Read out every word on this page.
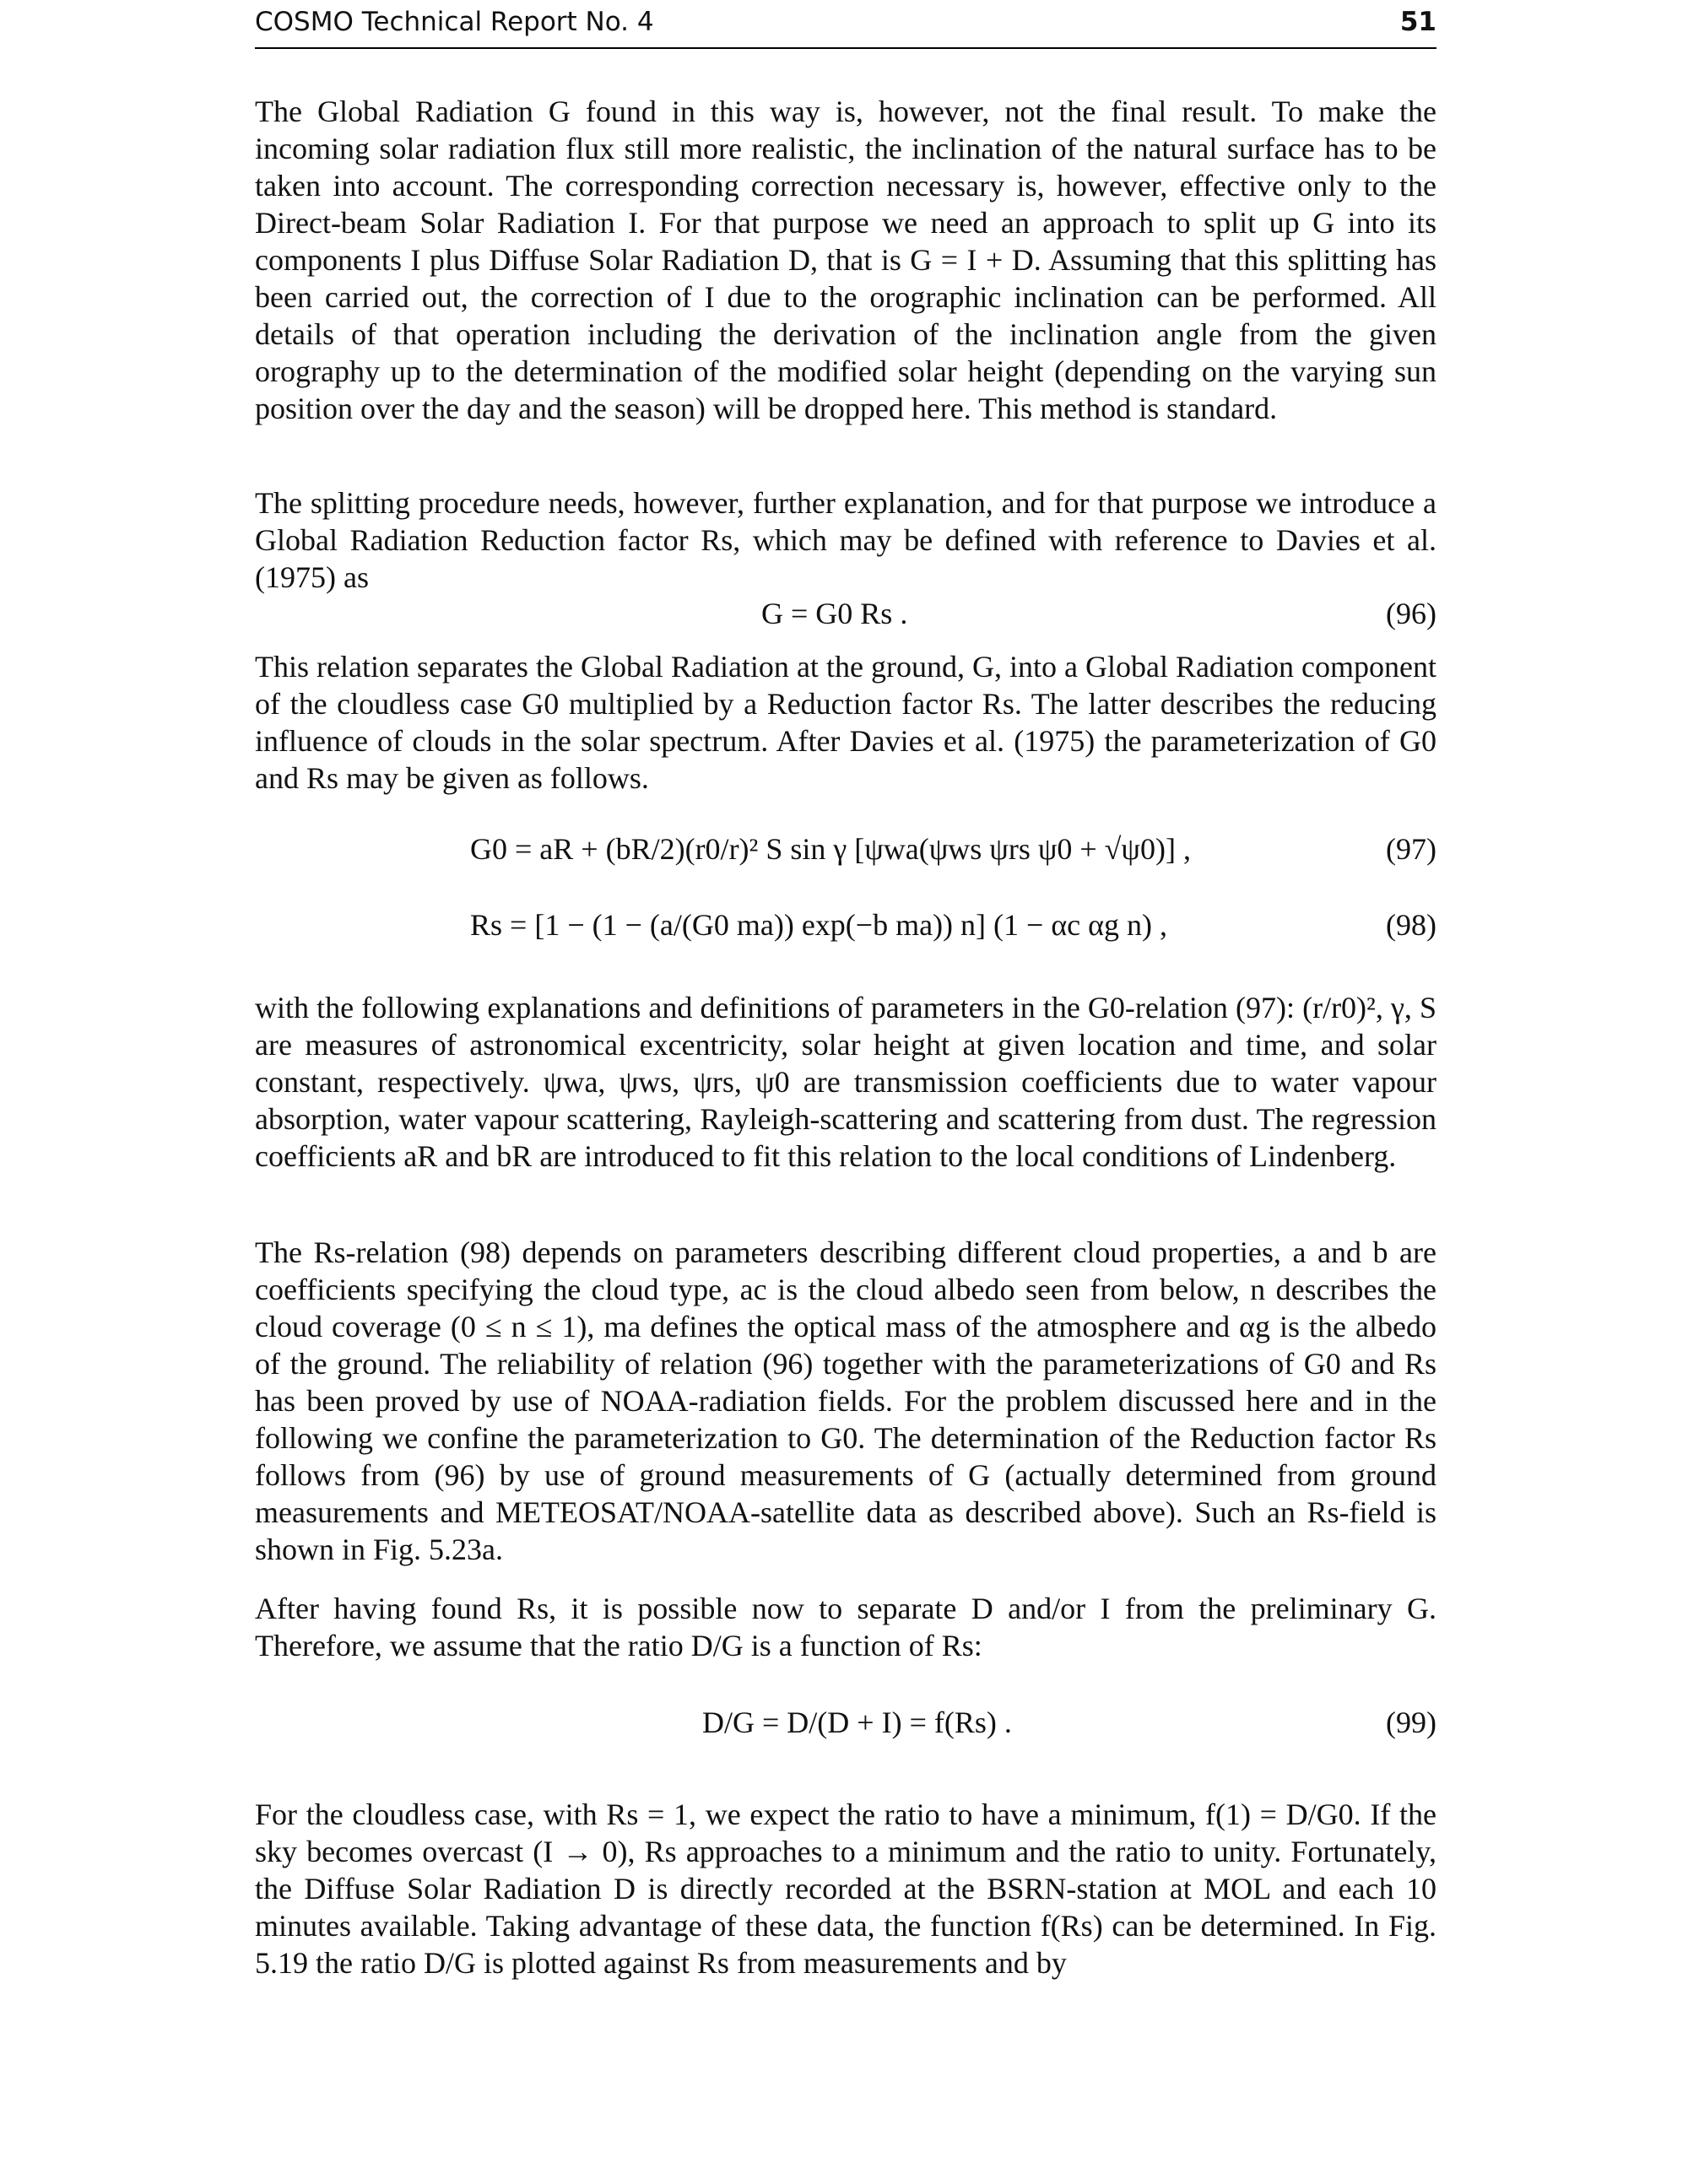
COSMO Technical Report No. 4	51

The Global Radiation G found in this way is, however, not the final result. To make the incoming solar radiation flux still more realistic, the inclination of the natural surface has to be taken into account. The corresponding correction necessary is, however, effective only to the Direct-beam Solar Radiation I. For that purpose we need an approach to split up G into its components I plus Diffuse Solar Radiation D, that is G = I + D. Assuming that this splitting has been carried out, the correction of I due to the orographic inclination can be performed. All details of that operation including the derivation of the inclination angle from the given orography up to the determination of the modified solar height (depending on the varying sun position over the day and the season) will be dropped here. This method is standard.

The splitting procedure needs, however, further explanation, and for that purpose we introduce a Global Radiation Reduction factor Rs, which may be defined with reference to Davies et al. (1975) as

G = G0 Rs .	(96)

This relation separates the Global Radiation at the ground, G, into a Global Radiation component of the cloudless case G0 multiplied by a Reduction factor Rs. The latter describes the reducing influence of clouds in the solar spectrum. After Davies et al. (1975) the parameterization of G0 and Rs may be given as follows.

G0 = aR + (bR/2)(r0/r)² S sin γ [ψwa(ψws ψrs ψ0 + √ψ0)] ,	(97)
Rs = [1 − (1 − (a/(G0 ma)) exp(−b ma)) n] (1 − αc αg n) ,	(98)

with the following explanations and definitions of parameters in the G0-relation (97): (r/r0)², γ, S are measures of astronomical excentricity, solar height at given location and time, and solar constant, respectively. ψwa, ψws, ψrs, ψ0 are transmission coefficients due to water vapour absorption, water vapour scattering, Rayleigh-scattering and scattering from dust. The regression coefficients aR and bR are introduced to fit this relation to the local conditions of Lindenberg.

The Rs-relation (98) depends on parameters describing different cloud properties, a and b are coefficients specifying the cloud type, ac is the cloud albedo seen from below, n describes the cloud coverage (0 ≤ n ≤ 1), ma defines the optical mass of the atmosphere and αg is the albedo of the ground. The reliability of relation (96) together with the parameterizations of G0 and Rs has been proved by use of NOAA-radiation fields. For the problem discussed here and in the following we confine the parameterization to G0. The determination of the Reduction factor Rs follows from (96) by use of ground measurements of G (actually determined from ground measurements and METEOSAT/NOAA-satellite data as described above). Such an Rs-field is shown in Fig. 5.23a.

After having found Rs, it is possible now to separate D and/or I from the preliminary G. Therefore, we assume that the ratio D/G is a function of Rs:

D/G = D/(D + I) = f(Rs) .	(99)

For the cloudless case, with Rs = 1, we expect the ratio to have a minimum, f(1) = D/G0. If the sky becomes overcast (I → 0), Rs approaches to a minimum and the ratio to unity. Fortunately, the Diffuse Solar Radiation D is directly recorded at the BSRN-station at MOL and each 10 minutes available. Taking advantage of these data, the function f(Rs) can be determined. In Fig. 5.19 the ratio D/G is plotted against Rs from measurements and by
